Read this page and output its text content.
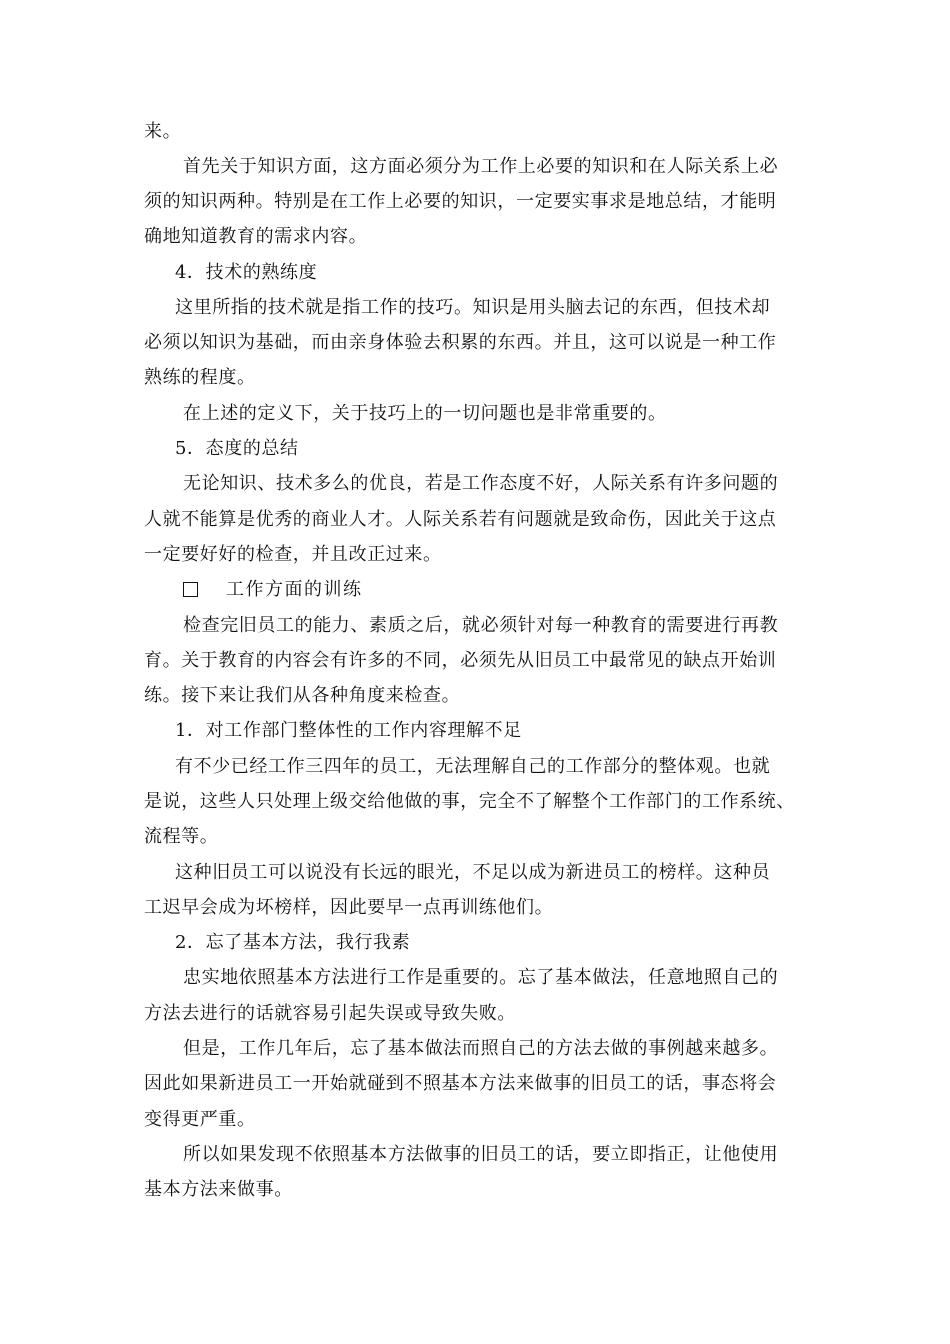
来。
首先关于知识方面，这方面必须分为工作上必要的知识和在人际关系上必
须的知识两种。特别是在工作上必要的知识，一定要实事求是地总结，才能明
确地知道教育的需求内容。
4．技术的熟练度
这里所指的技术就是指工作的技巧。知识是用头脑去记的东西，但技术却
必须以知识为基础，而由亲身体验去积累的东西。并且，这可以说是一种工作
熟练的程度。
在上述的定义下，关于技巧上的一切问题也是非常重要的。
5．态度的总结
无论知识、技术多么的优良，若是工作态度不好，人际关系有许多问题的
人就不能算是优秀的商业人才。人际关系若有问题就是致命伤，因此关于这点
一定要好好的检查，并且改正过来。
工作方面的训练
检查完旧员工的能力、素质之后，就必须针对每一种教育的需要进行再教
育。关于教育的内容会有许多的不同，必须先从旧员工中最常见的缺点开始训
练。接下来让我们从各种角度来检查。
1．对工作部门整体性的工作内容理解不足
有不少已经工作三四年的员工，无法理解自己的工作部分的整体观。也就
是说，这些人只处理上级交给他做的事，完全不了解整个工作部门的工作系统、
流程等。
这种旧员工可以说没有长远的眼光，不足以成为新进员工的榜样。这种员
工迟早会成为坏榜样，因此要早一点再训练他们。
2．忘了基本方法，我行我素
忠实地依照基本方法进行工作是重要的。忘了基本做法，任意地照自己的
方法去进行的话就容易引起失误或导致失败。
但是，工作几年后，忘了基本做法而照自己的方法去做的事例越来越多。
因此如果新进员工一开始就碰到不照基本方法来做事的旧员工的话，事态将会
变得更严重。
所以如果发现不依照基本方法做事的旧员工的话，要立即指正，让他使用
基本方法来做事。
